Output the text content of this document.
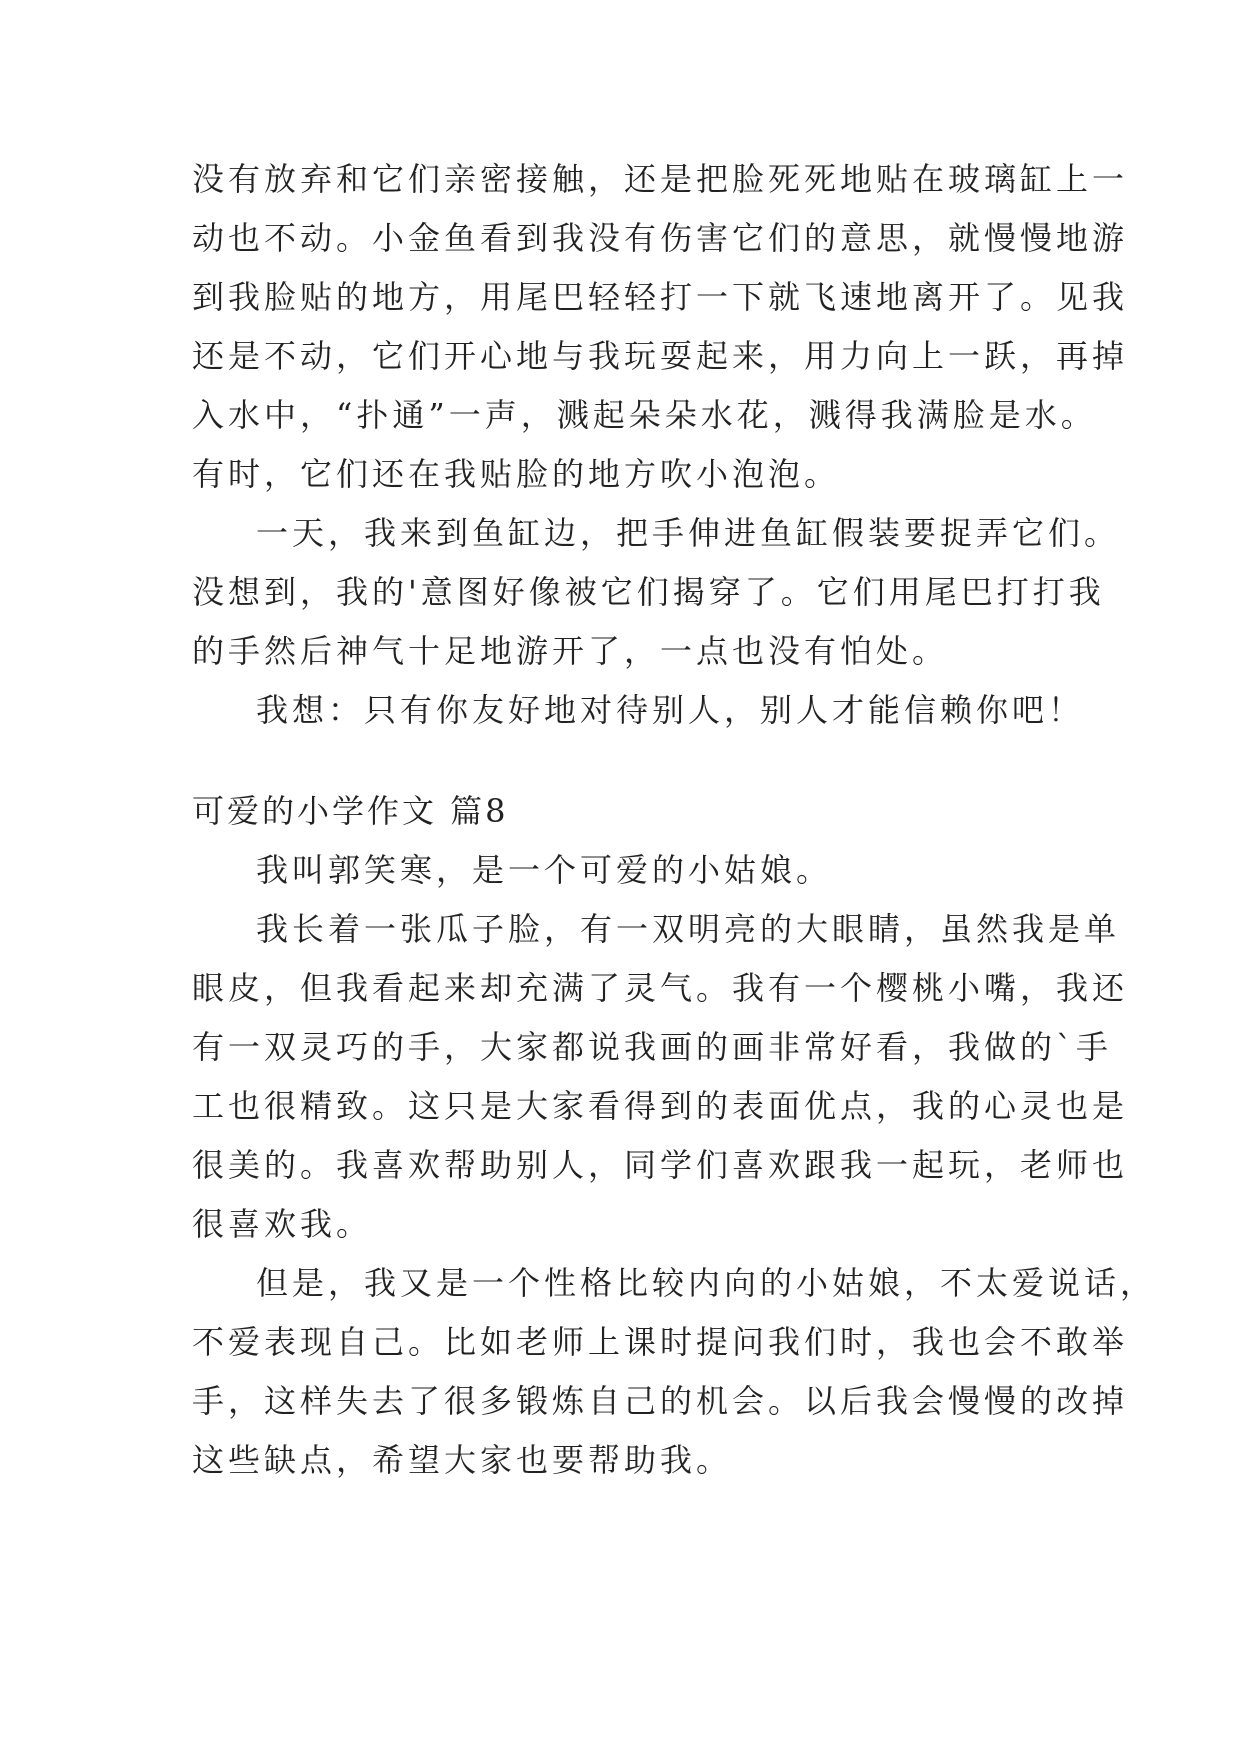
没有放弃和它们亲密接触，还是把脸死死地贴在玻璃缸上一
动也不动。小金鱼看到我没有伤害它们的意思，就慢慢地游
到我脸贴的地方，用尾巴轻轻打一下就飞速地离开了。见我
还是不动，它们开心地与我玩耍起来，用力向上一跃，再掉
入水中，“扑通”一声，溅起朵朵水花，溅得我满脸是水。
有时，它们还在我贴脸的地方吹小泡泡。
一天，我来到鱼缸边，把手伸进鱼缸假装要捉弄它们。
没想到，我的'意图好像被它们揭穿了。它们用尾巴打打我
的手然后神气十足地游开了，一点也没有怕处。
我想：只有你友好地对待别人，别人才能信赖你吧！
可爱的小学作文 篇8
我叫郭笑寒，是一个可爱的小姑娘。
我长着一张瓜子脸，有一双明亮的大眼睛，虽然我是单
眼皮，但我看起来却充满了灵气。我有一个樱桃小嘴，我还
有一双灵巧的手，大家都说我画的画非常好看，我做的`手
工也很精致。这只是大家看得到的表面优点，我的心灵也是
很美的。我喜欢帮助别人，同学们喜欢跟我一起玩，老师也
很喜欢我。
但是，我又是一个性格比较内向的小姑娘，不太爱说话，
不爱表现自己。比如老师上课时提问我们时，我也会不敢举
手，这样失去了很多锻炼自己的机会。以后我会慢慢的改掉
这些缺点，希望大家也要帮助我。
